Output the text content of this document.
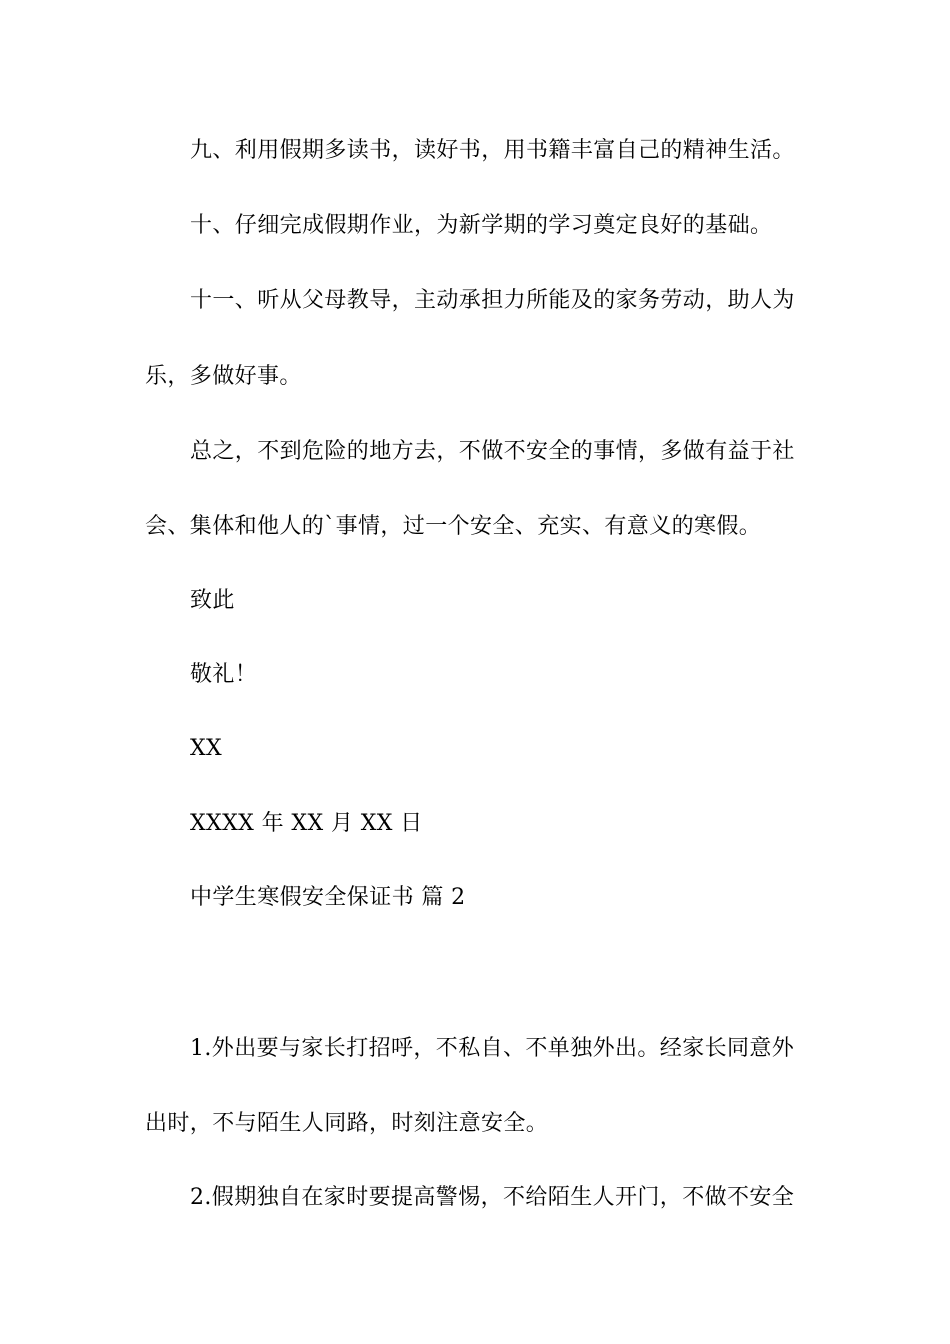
九、利用假期多读书，读好书，用书籍丰富自己的精神生活。

十、仔细完成假期作业，为新学期的学习奠定良好的基础。

十一、听从父母教导，主动承担力所能及的家务劳动，助人为

乐，多做好事。

总之，不到危险的地方去，不做不安全的事情，多做有益于社

会、集体和他人的`事情，过一个安全、充实、有意义的寒假。

致此

敬礼！

XX

XXXX 年 XX 月 XX 日

中学生寒假安全保证书 篇 2

1.外出要与家长打招呼，不私自、不单独外出。经家长同意外

出时，不与陌生人同路，时刻注意安全。

2.假期独自在家时要提高警惕，不给陌生人开门，不做不安全
